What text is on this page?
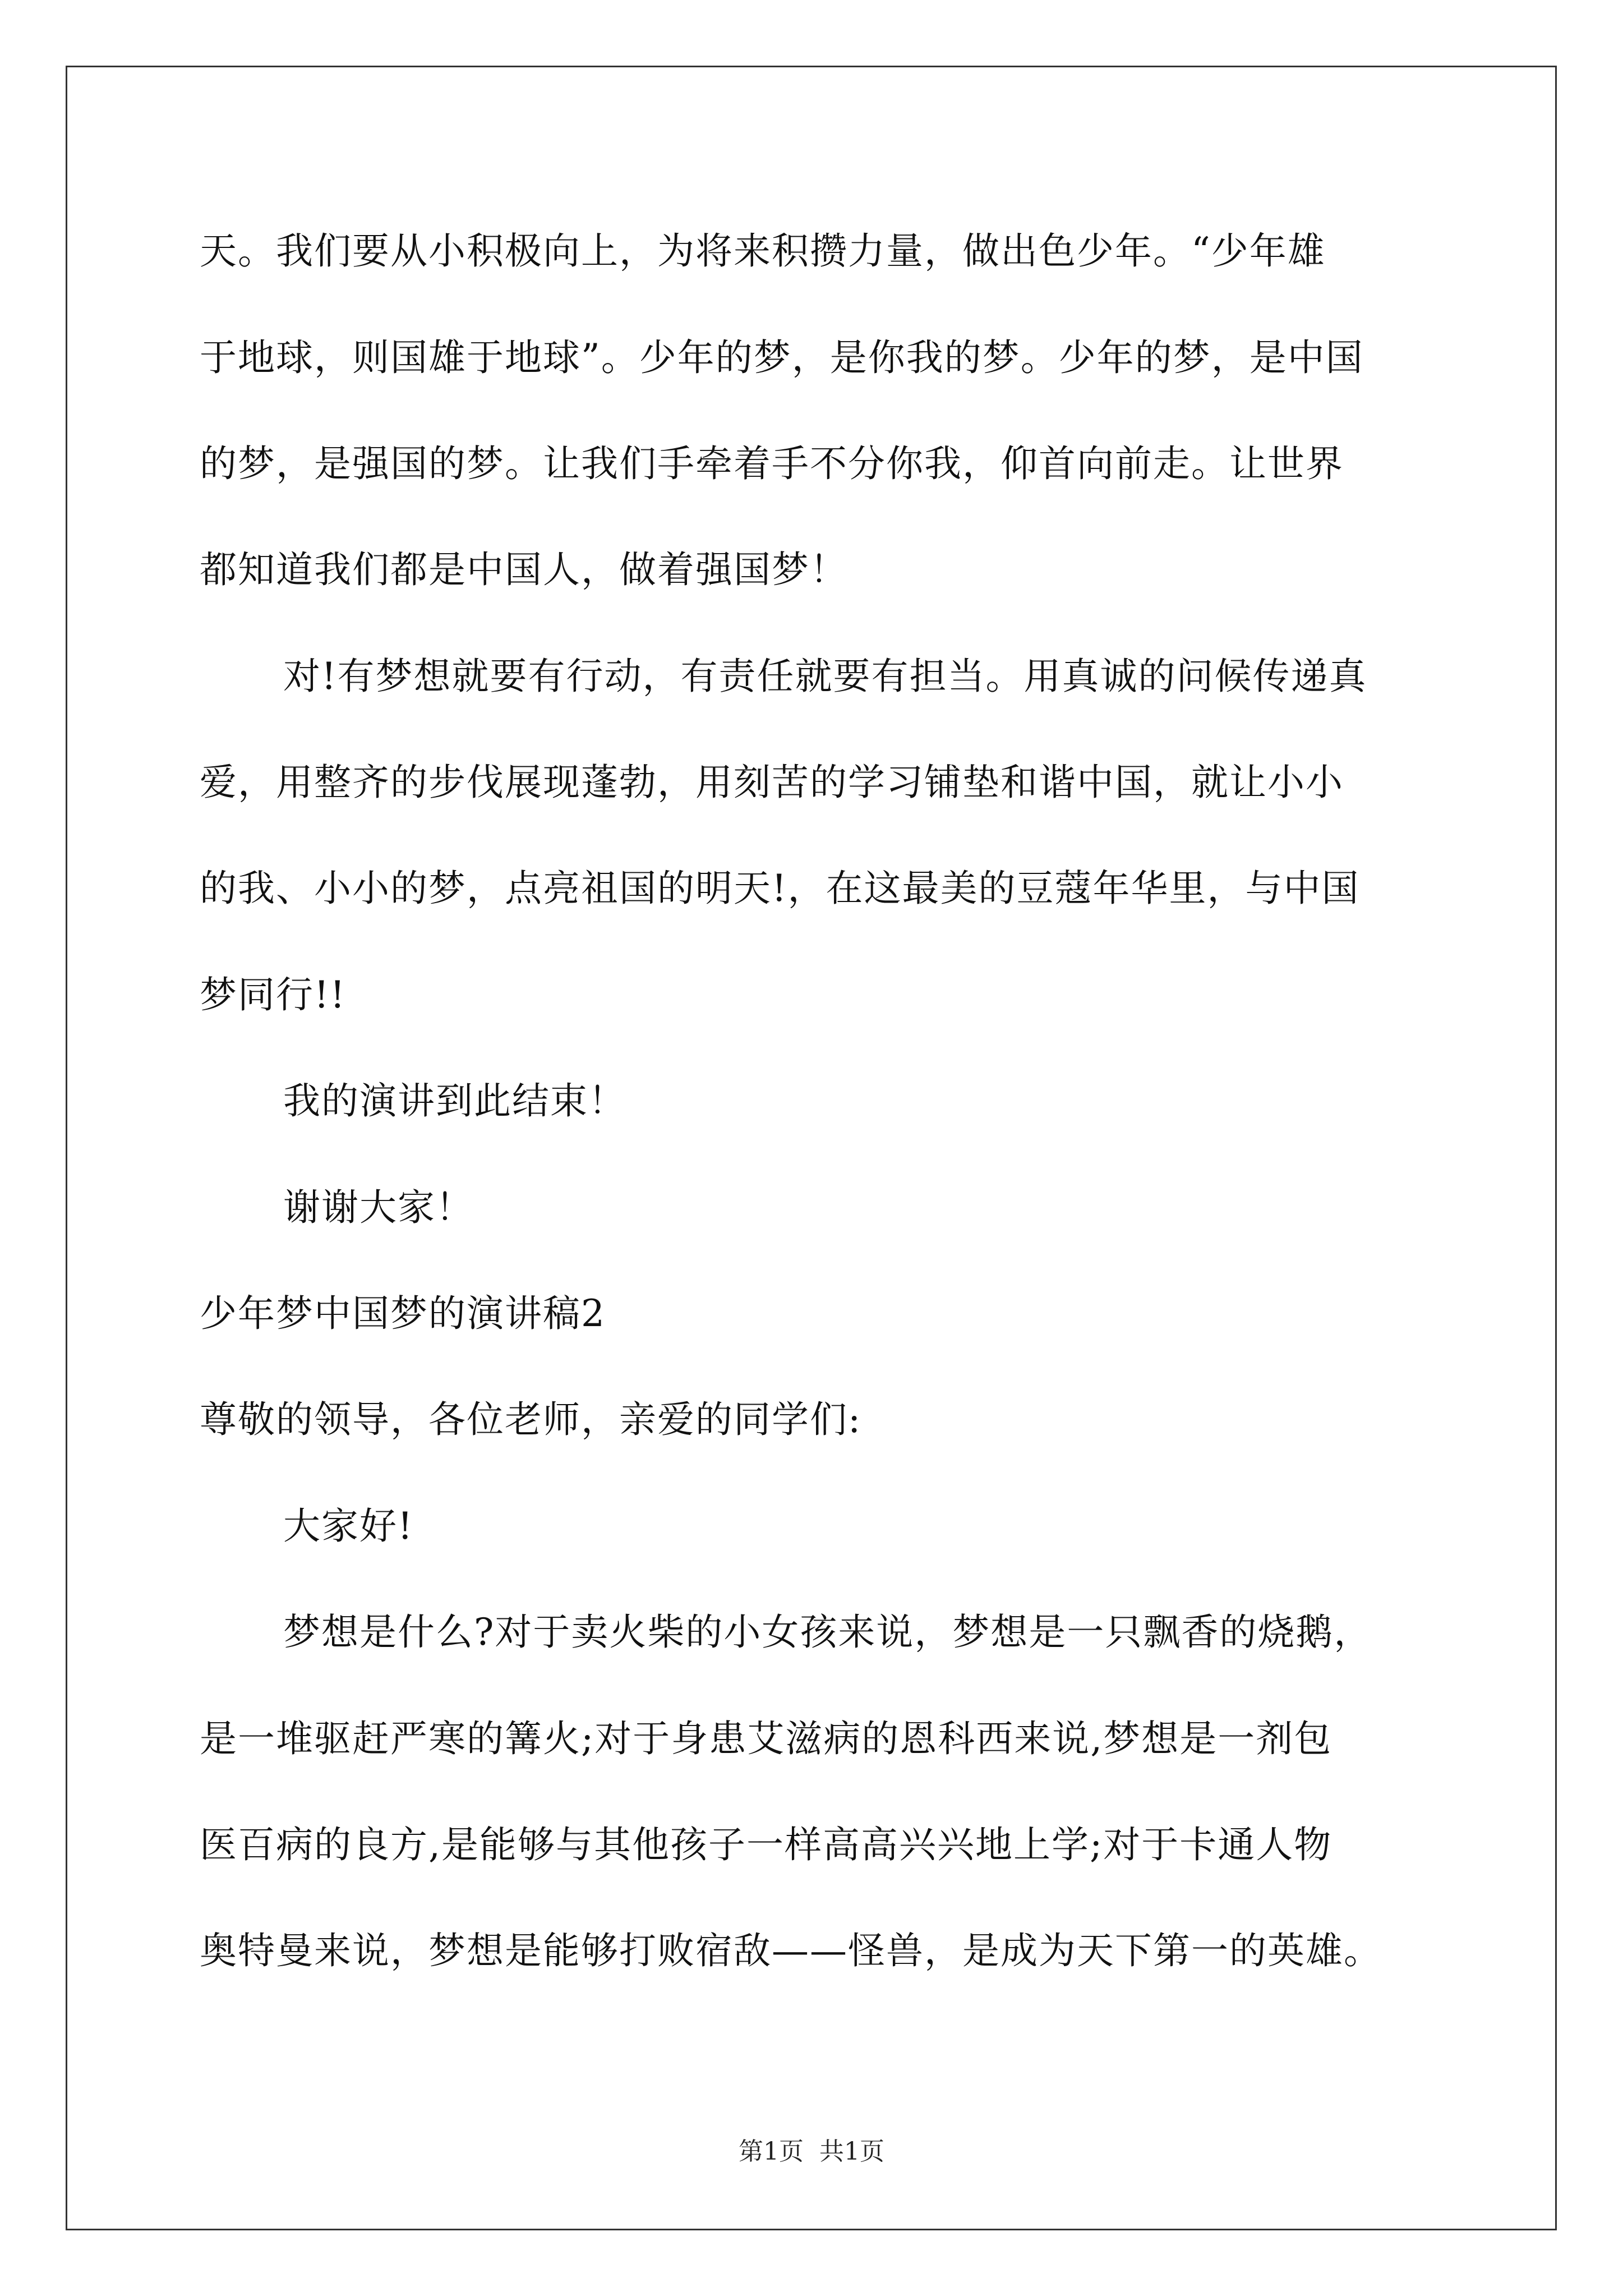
天。我们要从小积极向上，为将来积攒力量，做出色少年。“少年雄
于地球，则国雄于地球”。少年的梦，是你我的梦。少年的梦，是中国
的梦，是强国的梦。让我们手牵着手不分你我，仰首向前走。让世界
都知道我们都是中国人，做着强国梦！
对!有梦想就要有行动，有责任就要有担当。用真诚的问候传递真
爱，用整齐的步伐展现蓬勃，用刻苦的学习铺垫和谐中国，就让小小
的我、小小的梦，点亮祖国的明天!，在这最美的豆蔻年华里，与中国
梦同行!!
我的演讲到此结束！
谢谢大家！
少年梦中国梦的演讲稿2
尊敬的领导，各位老师，亲爱的同学们:
大家好!
梦想是什么?对于卖火柴的小女孩来说，梦想是一只飘香的烧鹅，
是一堆驱赶严寒的篝火;对于身患艾滋病的恩科西来说,梦想是一剂包
医百病的良方,是能够与其他孩子一样高高兴兴地上学;对于卡通人物
奥特曼来说，梦想是能够打败宿敌——怪兽，是成为天下第一的英雄。
第1页  共1页
